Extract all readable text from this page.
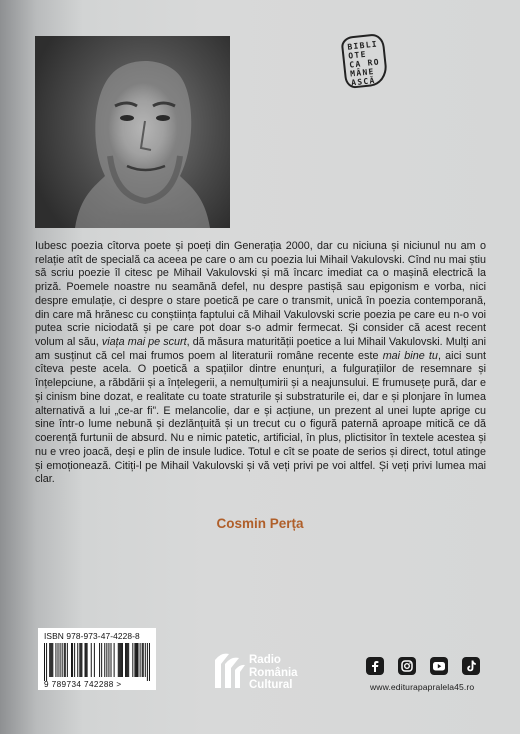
BIBLI
OTE
CA RO
MÂNE
ASCĂ

Iubesc poezia cîtorva poete și poeți din Generația 2000, dar cu niciuna și niciunul nu am o relație atît de specială ca aceea pe care o am cu poezia lui Mihail Vakulovski. Cînd nu mai știu să scriu poezie îl citesc pe Mihail Vakulovski și mă încarc imediat ca o mașină electrică la priză. Poemele noastre nu seamănă defel, nu despre pastișă sau epigonism e vorba, nici despre emulație, ci despre o stare poetică pe care o transmit, unică în poezia contemporană, din care mă hrănesc cu conștiința faptului că Mihail Vakulovski scrie poezia pe care eu n-o voi putea scrie niciodată și pe care pot doar s-o admir fermecat. Și consider că acest recent volum al său, viața mai pe scurt, dă măsura maturității poetice a lui Mihail Vakulovski. Mulți ani am susținut că cel mai frumos poem al literaturii române recente este mai bine tu, aici sunt cîteva peste acela. O poetică a spațiilor dintre enunțuri, a fulgurațiilor de resemnare și înțelepciune, a răbdării și a înțelegerii, a nemulțumirii și a neajunsului. E frumusețe pură, dar e și cinism bine dozat, e realitate cu toate straturile și substraturile ei, dar e și plonjare în lumea alternativă a lui „ce-ar fi”. E melancolie, dar e și acțiune, un prezent al unei lupte aprige cu sine într-o lume nebună și dezlănțuită și un trecut cu o figură paternă aproape mitică ce dă coerență furtunii de absurd. Nu e nimic patetic, artificial, în plus, plictisitor în textele acestea și nu e vreo joacă, deși e plin de insule ludice. Totul e cît se poate de serios și direct, totul atinge și emoționează. Citiți-l pe Mihail Vakulovski și vă veți privi pe voi altfel. Și veți privi lumea mai clar.

Cosmin Perța
ISBN 978-973-47-4228-8
9 789734 742288 >
Radio
România
Cultural	www.editurapapralela45.ro
